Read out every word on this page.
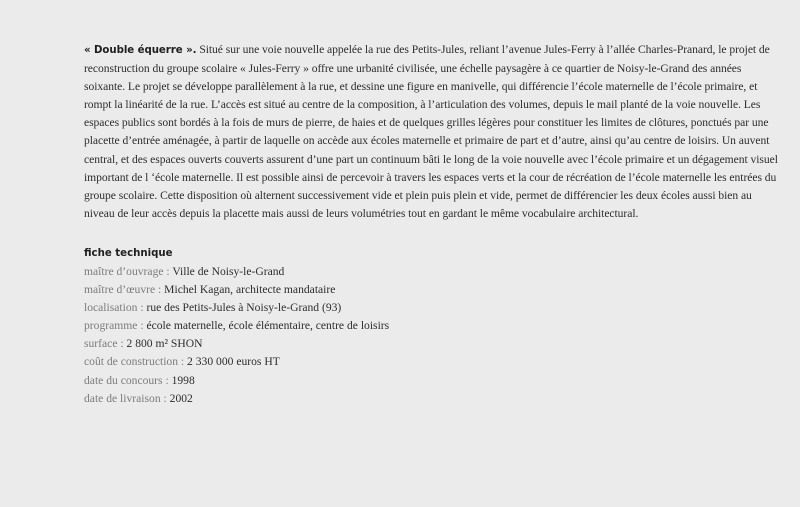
« Double équerre ». Situé sur une voie nouvelle appelée la rue des Petits-Jules, reliant l’avenue Jules-Ferry à l’allée Charles-Pranard, le projet de reconstruction du groupe scolaire « Jules-Ferry » offre une urbanité civilisée, une échelle paysagère à ce quartier de Noisy-le-Grand des années soixante. Le projet se développe parallèlement à la rue, et dessine une figure en manivelle, qui différencie l’école maternelle de l’école primaire, et rompt la linéarité de la rue. L’accès est situé au centre de la composition, à l’articulation des volumes, depuis le mail planté de la voie nouvelle. Les espaces publics sont bordés à la fois de murs de pierre, de haies et de quelques grilles légères pour constituer les limites de clôtures, ponctués par une placette d’entrée aménagée, à partir de laquelle on accède aux écoles maternelle et primaire de part et d’autre, ainsi qu’au centre de loisirs. Un auvent central, et des espaces ouverts couverts assurent d’une part un continuum bâti le long de la voie nouvelle avec l’école primaire et un dégagement visuel important de l ‘école maternelle. Il est possible ainsi de percevoir à travers les espaces verts et la cour de récréation de l’école maternelle les entrées du groupe scolaire. Cette disposition où alternent successivement vide et plein puis plein et vide, permet de différencier les deux écoles aussi bien au niveau de leur accès depuis la placette mais aussi de leurs volumétries tout en gardant le même vocabulaire architectural.

fiche technique
maître d’ouvrage : Ville de Noisy-le-Grand
maître d’œuvre : Michel Kagan, architecte mandataire
localisation : rue des Petits-Jules à Noisy-le-Grand (93)
programme : école maternelle, école élémentaire, centre de loisirs
surface : 2 800 m² SHON
coût de construction : 2 330 000 euros HT
date du concours : 1998
date de livraison : 2002
